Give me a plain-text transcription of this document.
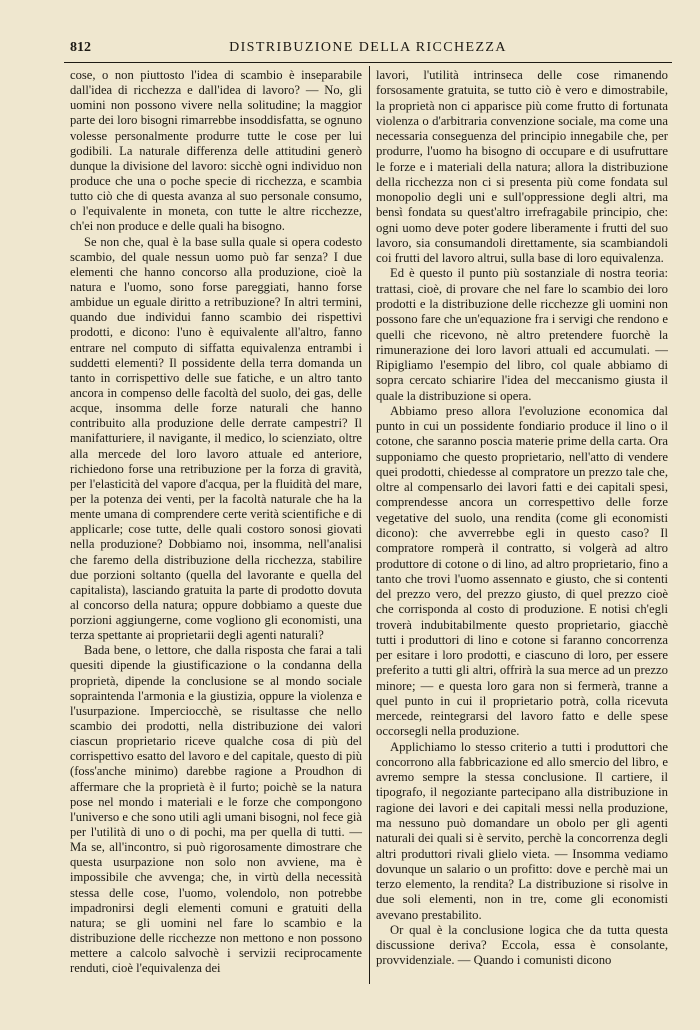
812	DISTRIBUZIONE DELLA RICCHEZZA

cose, o non piuttosto l'idea di scambio è inseparabile dall'idea di ricchezza e dall'idea di lavoro? — No, gli uomini non possono vivere nella solitudine; la maggior parte dei loro bisogni rimarrebbe insoddisfatta, se ognuno volesse personalmente produrre tutte le cose per lui godibili. La naturale differenza delle attitudini generò dunque la divisione del lavoro: sicchè ogni individuo non produce che una o poche specie di ricchezza, e scambia tutto ciò che di questa avanza al suo personale consumo, o l'equivalente in moneta, con tutte le altre ricchezze, ch'ei non produce e delle quali ha bisogno.

Se non che, qual è la base sulla quale si opera codesto scambio, del quale nessun uomo può far senza? I due elementi che hanno concorso alla produzione, cioè la natura e l'uomo, sono forse pareggiati, hanno forse ambidue un eguale diritto a retribuzione? In altri termini, quando due individui fanno scambio dei rispettivi prodotti, e dicono: l'uno è equivalente all'altro, fanno entrare nel computo di siffatta equivalenza entrambi i suddetti elementi? Il possidente della terra domanda un tanto in corrispettivo delle sue fatiche, e un altro tanto ancora in compenso delle facoltà del suolo, dei gas, delle acque, insomma delle forze naturali che hanno contribuito alla produzione delle derrate campestri? Il manifatturiere, il navigante, il medico, lo scienziato, oltre alla mercede del loro lavoro attuale ed anteriore, richiedono forse una retribuzione per la forza di gravità, per l'elasticità del vapore d'acqua, per la fluidità del mare, per la potenza dei venti, per la facoltà naturale che ha la mente umana di comprendere certe verità scientifiche e di applicarle; cose tutte, delle quali costoro sonosi giovati nella produzione? Dobbiamo noi, insomma, nell'analisi che faremo della distribuzione della ricchezza, stabilire due porzioni soltanto (quella del lavorante e quella del capitalista), lasciando gratuita la parte di prodotto dovuta al concorso della natura; oppure dobbiamo a queste due porzioni aggiungerne, come vogliono gli economisti, una terza spettante ai proprietarii degli agenti naturali?

Bada bene, o lettore, che dalla risposta che farai a tali quesiti dipende la giustificazione o la condanna della proprietà, dipende la conclusione se al mondo sociale sopraintenda l'armonia e la giustizia, oppure la violenza e l'usurpazione. Imperciocchè, se risultasse che nello scambio dei prodotti, nella distribuzione dei valori ciascun proprietario riceve qualche cosa di più del corrispettivo esatto del lavoro e del capitale, questo di più (foss'anche minimo) darebbe ragione a Proudhon di affermare che la proprietà è il furto; poichè se la natura pose nel mondo i materiali e le forze che compongono l'universo e che sono utili agli umani bisogni, nol fece già per l'utilità di uno o di pochi, ma per quella di tutti. — Ma se, all'incontro, si può rigorosamente dimostrare che questa usurpazione non solo non avviene, ma è impossibile che avvenga; che, in virtù della necessità stessa delle cose, l'uomo, volendolo, non potrebbe impadronirsi degli elementi comuni e gratuiti della natura; se gli uomini nel fare lo scambio e la distribuzione delle ricchezze non mettono e non possono mettere a calcolo salvochè i servizii reciprocamente renduti, cioè l'equivalenza dei

lavori, l'utilità intrinseca delle cose rimanendo forsosamente gratuita, se tutto ciò è vero e dimostrabile, la proprietà non ci apparisce più come frutto di fortunata violenza o d'arbitraria convenzione sociale, ma come una necessaria conseguenza del principio innegabile che, per produrre, l'uomo ha bisogno di occupare e di usufruttare le forze e i materiali della natura; allora la distribuzione della ricchezza non ci si presenta più come fondata sul monopolio degli uni e sull'oppressione degli altri, ma bensì fondata su quest'altro irrefragabile principio, che: ogni uomo deve poter godere liberamente i frutti del suo lavoro, sia consumandoli direttamente, sia scambiandoli coi frutti del lavoro altrui, sulla base di loro equivalenza.

Ed è questo il punto più sostanziale di nostra teoria: trattasi, cioè, di provare che nel fare lo scambio dei loro prodotti e la distribuzione delle ricchezze gli uomini non possono fare che un'equazione fra i servigi che rendono e quelli che ricevono, nè altro pretendere fuorchè la rimunerazione dei loro lavori attuali ed accumulati. — Ripigliamo l'esempio del libro, col quale abbiamo di sopra cercato schiarire l'idea del meccanismo giusta il quale la distribuzione si opera.

Abbiamo preso allora l'evoluzione economica dal punto in cui un possidente fondiario produce il lino o il cotone, che saranno poscia materie prime della carta. Ora supponiamo che questo proprietario, nell'atto di vendere quei prodotti, chiedesse al compratore un prezzo tale che, oltre al compensarlo dei lavori fatti e dei capitali spesi, comprendesse ancora un correspettivo delle forze vegetative del suolo, una rendita (come gli economisti dicono): che avverrebbe egli in questo caso? Il compratore romperà il contratto, si volgerà ad altro produttore di cotone o di lino, ad altro proprietario, fino a tanto che trovi l'uomo assennato e giusto, che si contenti del prezzo vero, del prezzo giusto, di quel prezzo cioè che corrisponda al costo di produzione. E notisi ch'egli troverà indubitabilmente questo proprietario, giacchè tutti i produttori di lino e cotone si faranno concorrenza per esitare i loro prodotti, e ciascuno di loro, per essere preferito a tutti gli altri, offrirà la sua merce ad un prezzo minore; — e questa loro gara non si fermerà, tranne a quel punto in cui il proprietario potrà, colla ricevuta mercede, reintegrarsi del lavoro fatto e delle spese occorsegli nella produzione.

Applichiamo lo stesso criterio a tutti i produttori che concorrono alla fabbricazione ed allo smercio del libro, e avremo sempre la stessa conclusione. Il cartiere, il tipografo, il negoziante partecipano alla distribuzione in ragione dei lavori e dei capitali messi nella produzione, ma nessuno può domandare un obolo per gli agenti naturali dei quali si è servito, perchè la concorrenza degli altri produttori rivali glielo vieta. — Insomma vediamo dovunque un salario o un profitto: dove e perchè mai un terzo elemento, la rendita? La distribuzione si risolve in due soli elementi, non in tre, come gli economisti avevano prestabilito.

Or qual è la conclusione logica che da tutta questa discussione deriva? Eccola, essa è consolante, provvidenziale. — Quando i comunisti dicono
